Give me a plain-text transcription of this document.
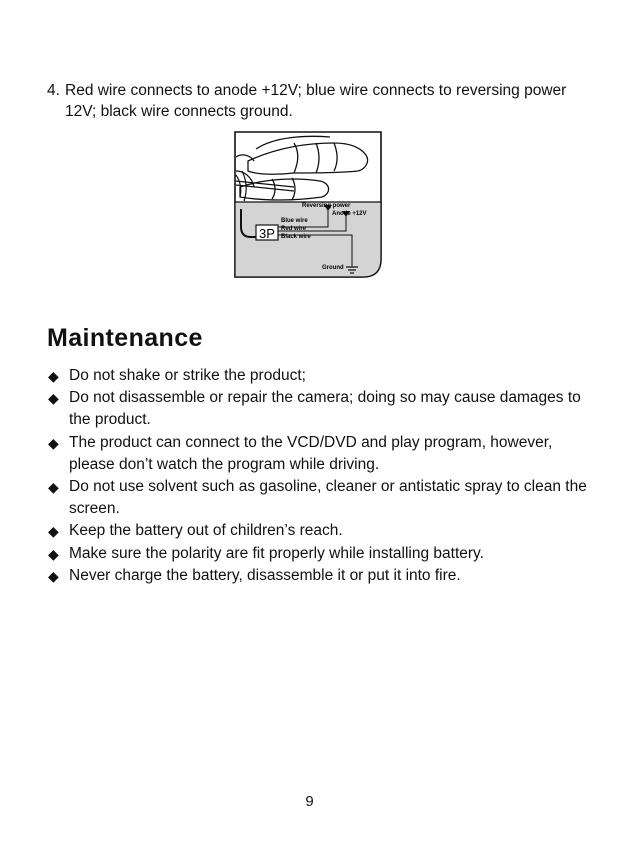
4. Red wire connects to anode +12V; blue wire connects to reversing power 12V; black wire connects ground.
3P
Reversing power
Anode +12V
Blue wire
Red wire
Black wire
Ground
Maintenance
◆ Do not shake or strike the product;
◆ Do not disassemble or repair the camera; doing so may cause damages to the product.
◆ The product can connect to the VCD/DVD and play program, however, please don’t watch the program while driving.
◆ Do not use solvent such as gasoline, cleaner or antistatic spray to clean the screen.
◆ Keep the battery out of children’s reach.
◆ Make sure the polarity are fit properly while installing battery.
◆ Never charge the battery, disassemble it or put it into fire.
9
